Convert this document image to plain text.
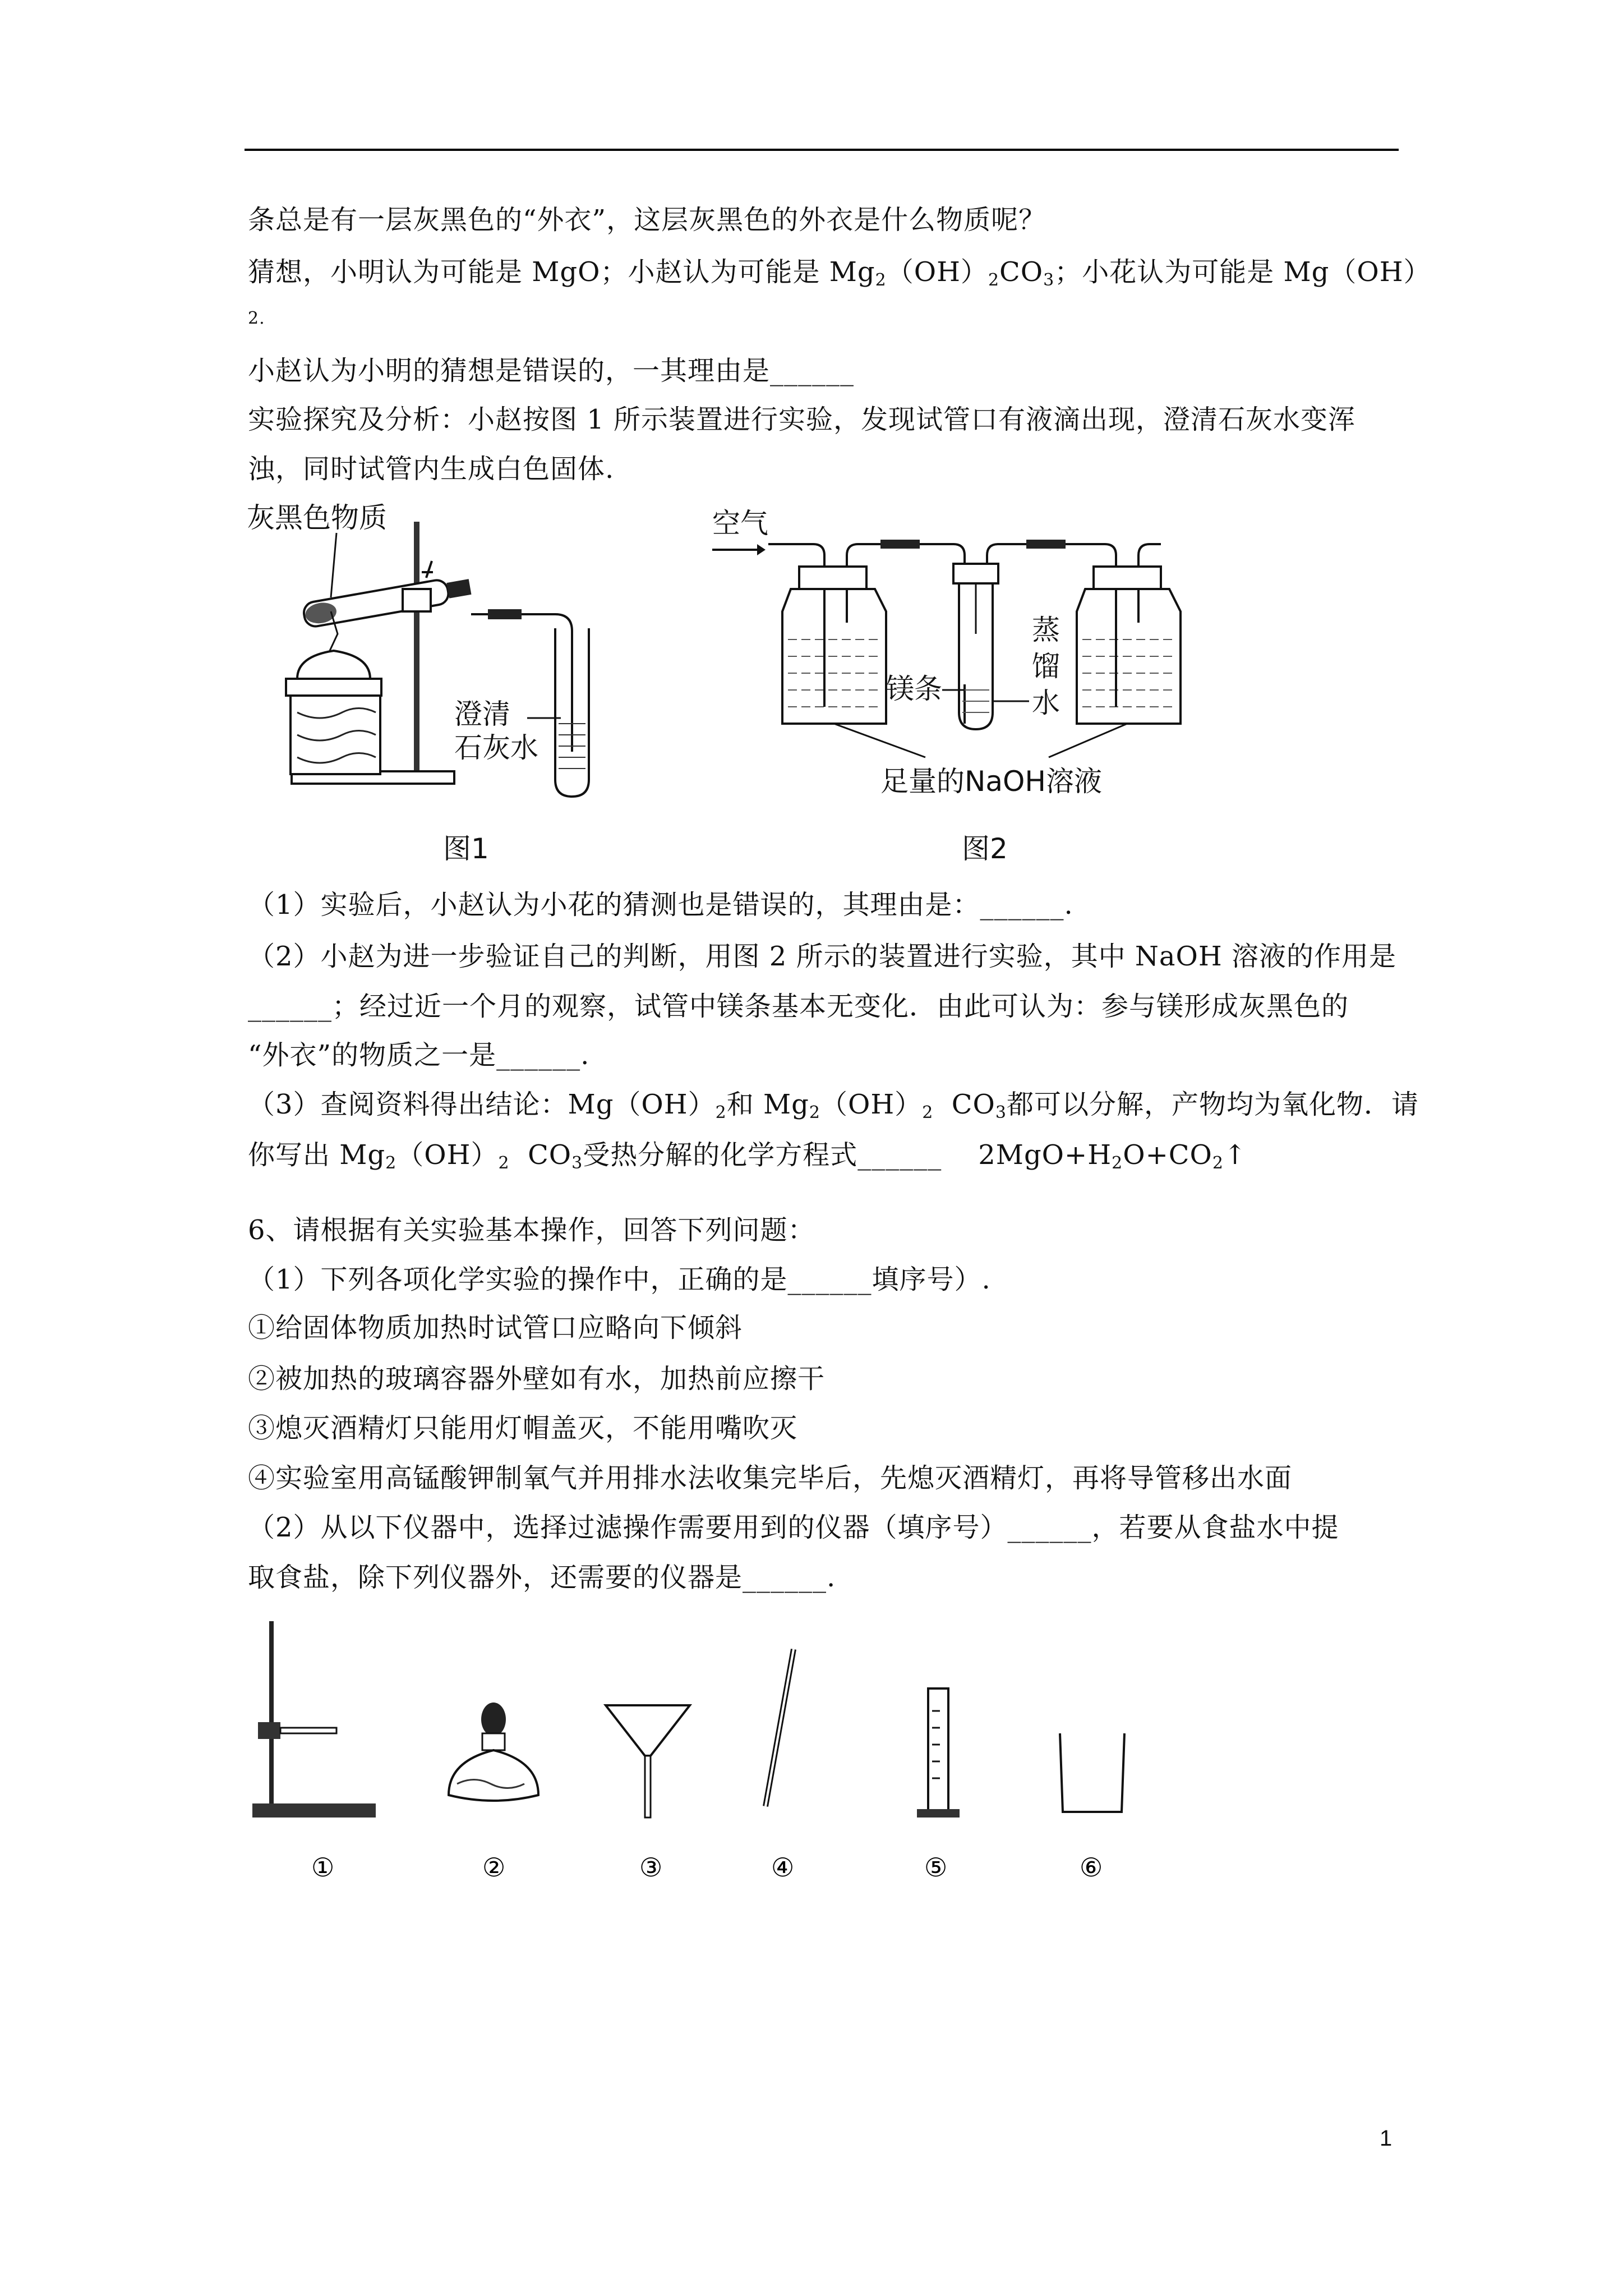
条总是有一层灰黑色的“外衣”，这层灰黑色的外衣是什么物质呢？
猜想，小明认为可能是 MgO；小赵认为可能是 $Mg_2(OH)_2CO_3$；小花认为可能是 Mg（OH）
2.
小赵认为小明的猜想是错误的，一其理由是______
实验探究及分析：小赵按图 1 所示装置进行实验，发现试管口有液滴出现，澄清石灰水变浑
浊，同时试管内生成白色固体.
灰黑色物质
澄清
石灰水
图1
空气
镁条
蒸
馏
水
足量的NaOH溶液
图2
（1）实验后，小赵认为小花的猜测也是错误的，其理由是：______.
（2）小赵为进一步验证自己的判断，用图 2 所示的装置进行实验，其中 NaOH 溶液的作用是
______；经过近一个月的观察，试管中镁条基本无变化．由此可认为：参与镁形成灰黑色的
“外衣”的物质之一是______.
（3）查阅资料得出结论：$Mg(OH)_2$和 $Mg_2(OH)_2$  $CO_3$都可以分解，产物均为氧化物．请
你写出 $Mg_2(OH)_2$  $CO_3$受热分解的化学方程式______    $2MgO+H_2O+CO_2↑$
6、请根据有关实验基本操作，回答下列问题：
（1）下列各项化学实验的操作中，正确的是______填序号）.
①给固体物质加热时试管口应略向下倾斜
②被加热的玻璃容器外壁如有水，加热前应擦干
③熄灭酒精灯只能用灯帽盖灭，不能用嘴吹灭
④实验室用高锰酸钾制氧气并用排水法收集完毕后，先熄灭酒精灯，再将导管移出水面
（2）从以下仪器中，选择过滤操作需要用到的仪器（填序号）______，若要从食盐水中提
取食盐，除下列仪器外，还需要的仪器是______.
①	②	③	④	⑤	⑥
1
